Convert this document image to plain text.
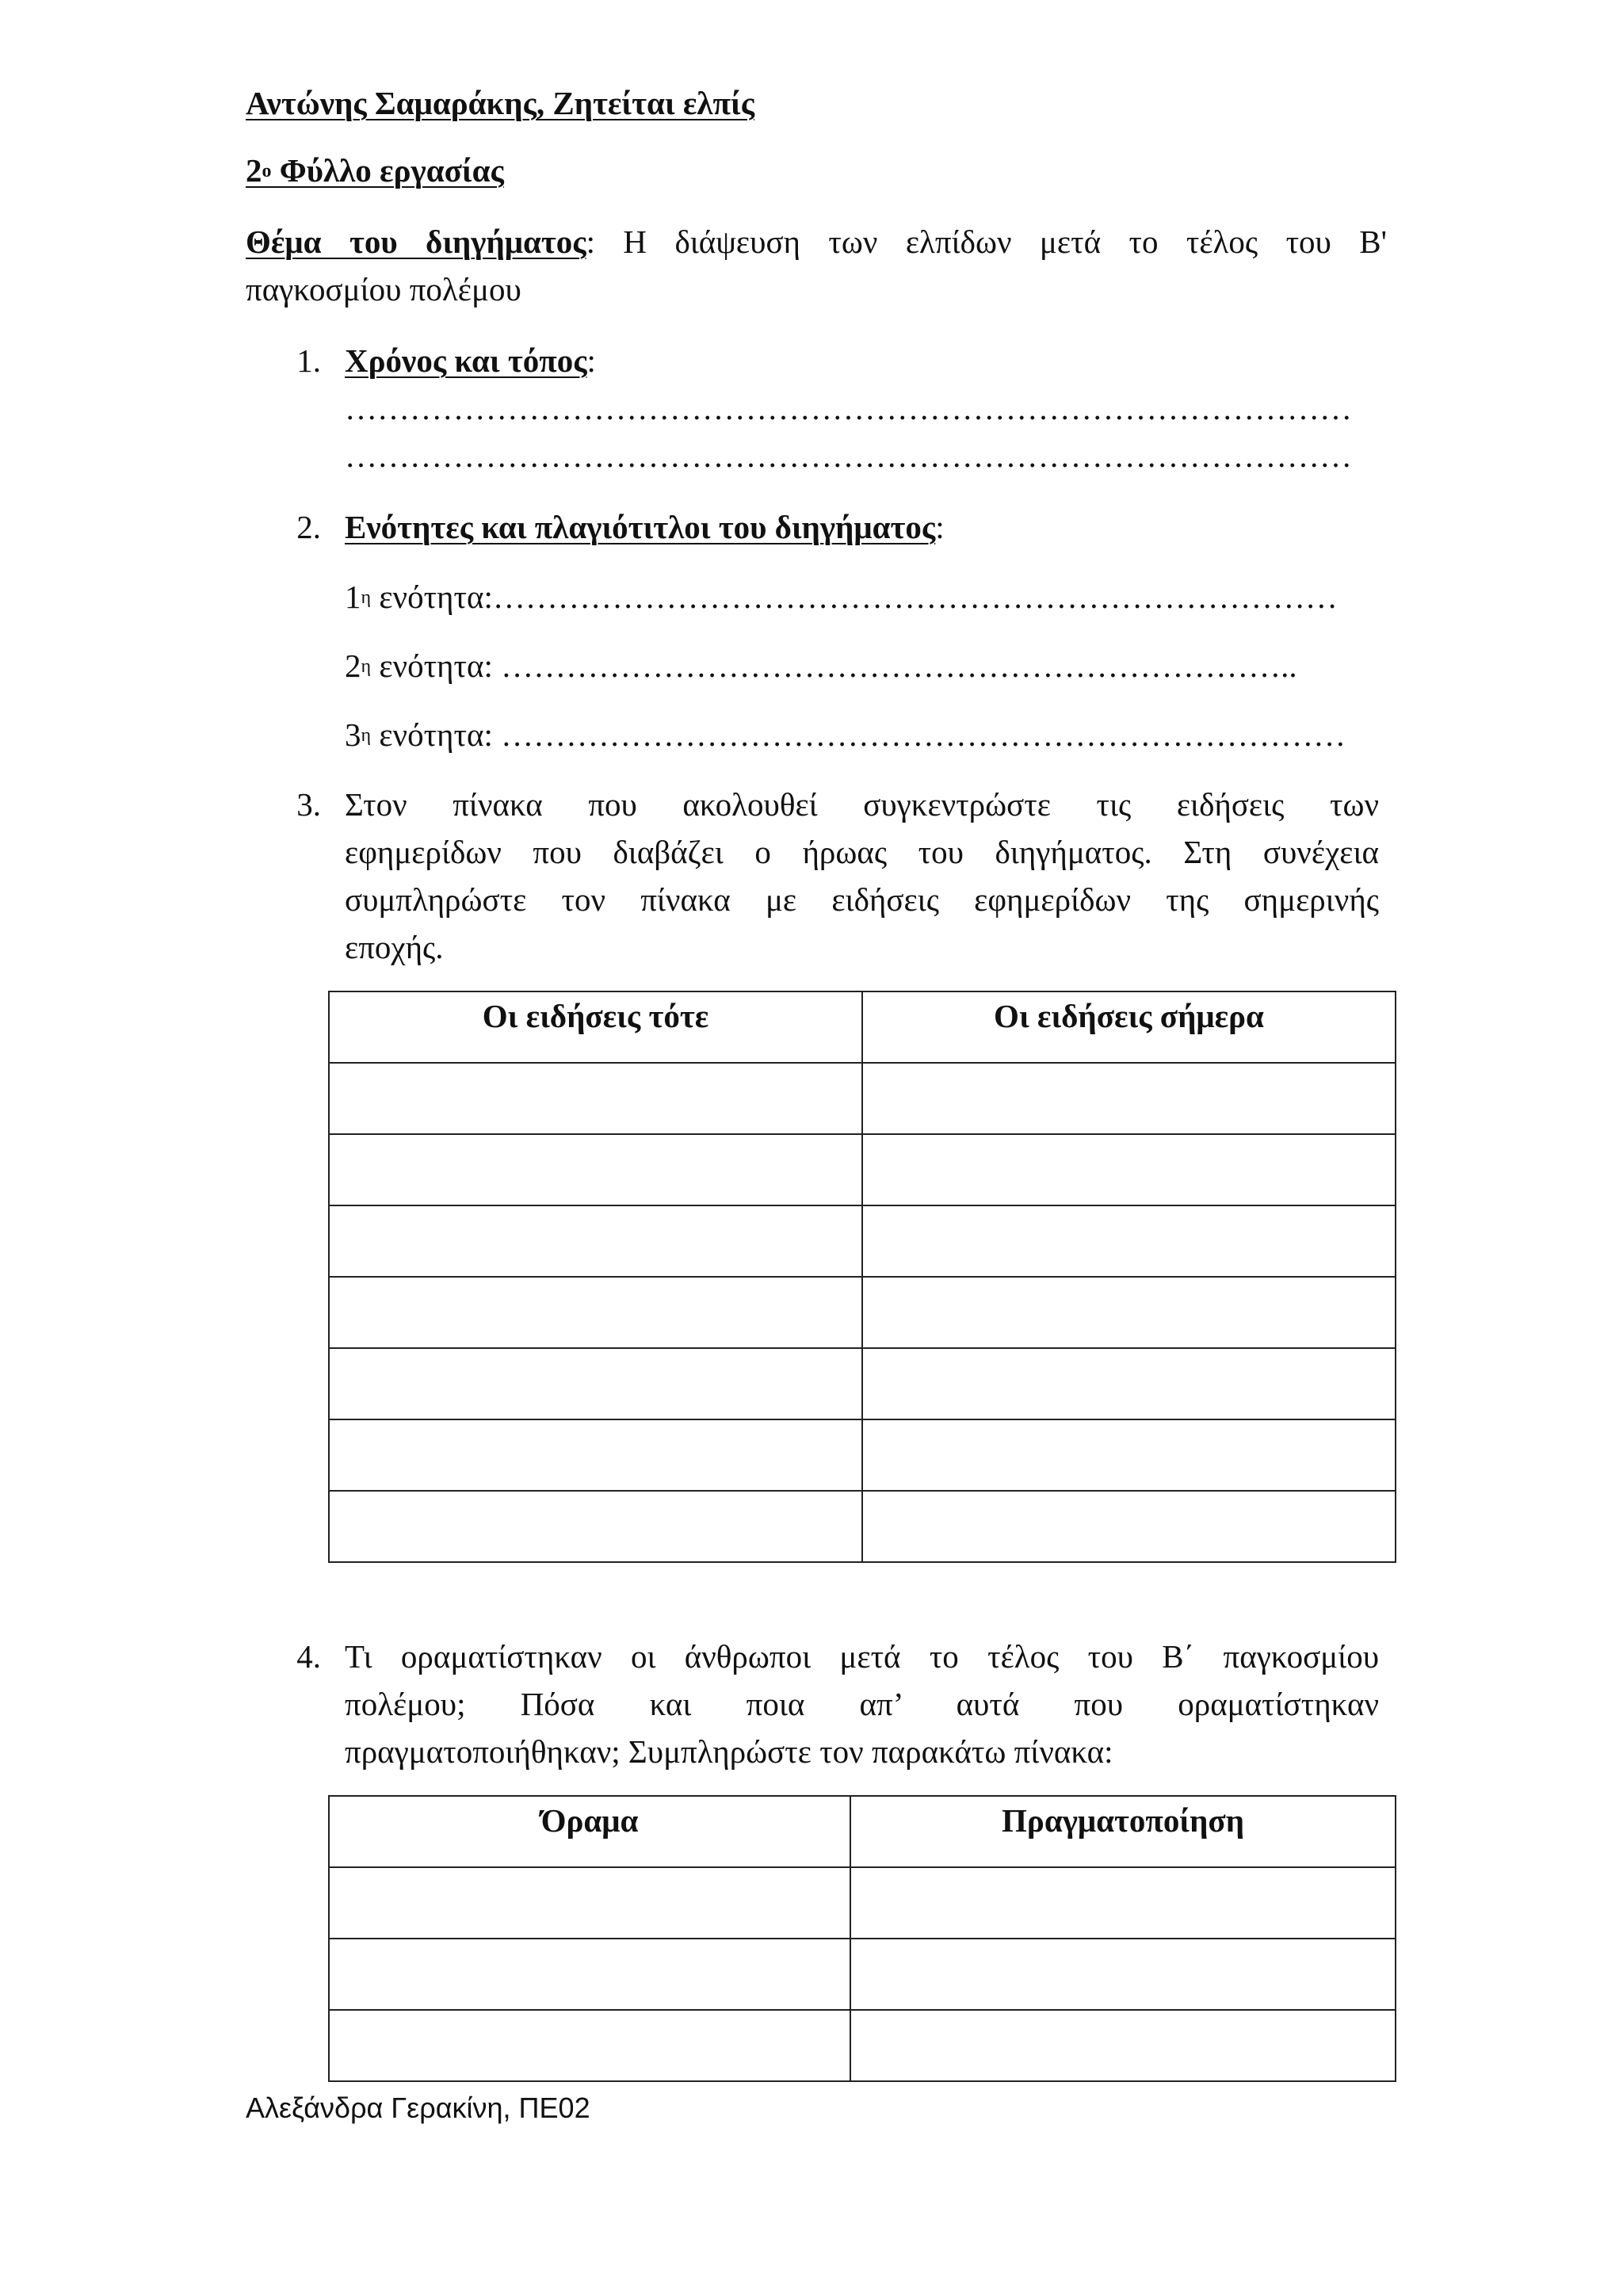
Αντώνης Σαμαράκης, Ζητείται ελπίς
$2^o$ Φύλλο εργασίας
Θέμα του διηγήματος: Η διάψευση των ελπίδων μετά το τέλος του Β'
παγκοσμίου πολέμου
1. Χρόνος και τόπος:
…………………………………………………………………………………
…………………………………………………………………………………
2. Ενότητες και πλαγιότιτλοι του διηγήματος:
$1^\eta$ ενότητα:……………………………………………………………………
$2^\eta$ ενότητα: ………………………………………………………………..
$3^\eta$ ενότητα: ……………………………………………………………………
3. Στον πίνακα που ακολουθεί συγκεντρώστε τις ειδήσεις των
εφημερίδων που διαβάζει ο ήρωας του διηγήματος. Στη συνέχεια
συμπληρώστε τον πίνακα με ειδήσεις εφημερίδων της σημερινής
εποχής.
Οι ειδήσεις τότε	Οι ειδήσεις σήμερα

4. Τι οραματίστηκαν οι άνθρωποι μετά το τέλος του Β΄ παγκοσμίου
πολέμου; Πόσα και ποια απ’ αυτά που οραματίστηκαν
πραγματοποιήθηκαν; Συμπληρώστε τον παρακάτω πίνακα:
Όραμα	Πραγματοποίηση

Αλεξάνδρα Γερακίνη, ΠΕ02
